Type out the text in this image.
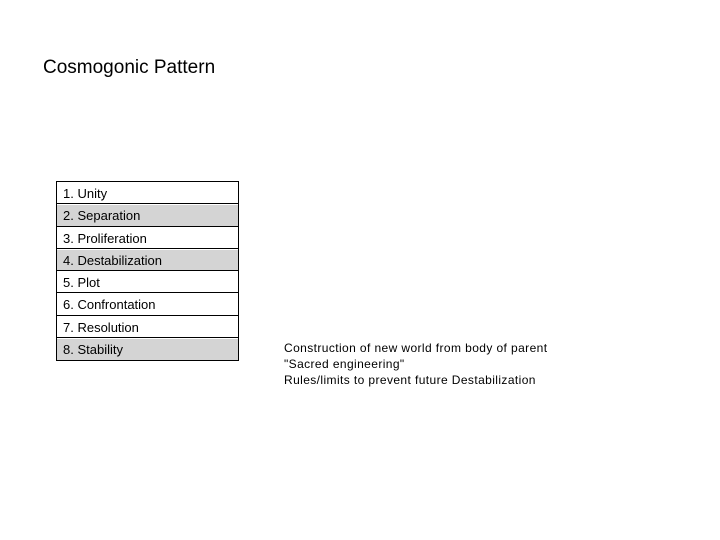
Cosmogonic Pattern
1. Unity
2. Separation
3. Proliferation
4. Destabilization
5. Plot
6. Confrontation
7. Resolution
8. Stability	Construction of new world from body of parent
"Sacred engineering"
Rules/limits to prevent future Destabilization
